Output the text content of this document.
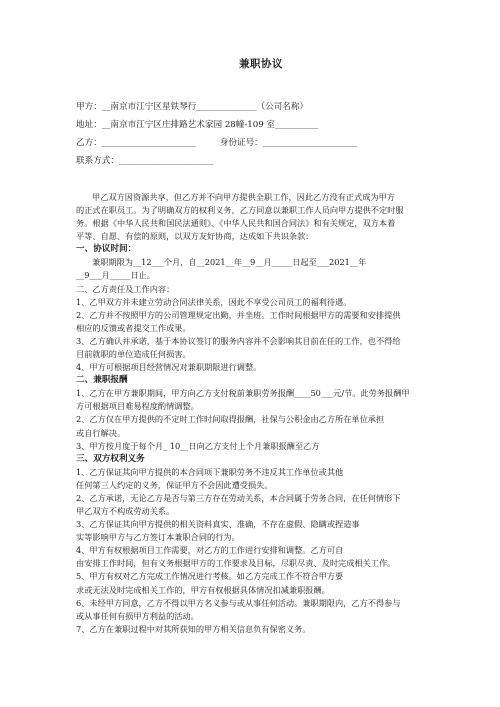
兼职协议
甲方：__南京市江宁区星铁琴行______________（公司名称）
地址：__南京市江宁区庄排路艺术家园 28幢-109 室__________
乙方：______________________	身份证号：______________________
联系方式：______________________

甲乙双方因资源共享，但乙方并不向甲方提供全职工作，因此乙方没有正式成为甲方

的正式在职员工。为了明确双方的权利义务，乙方同意以兼职工作人员向甲方提供不定时服

务。根据《中华人民共和国民法通则》、《中华人民共和国合同法》和有关规定，双方本着

平等、自愿、有偿的原则，以双方友好协商，达成如下共识条款：

一、协议时间：

兼职期限为__12___个月，自__2021__年__9__月_____日起至___2021__年

__9___月_____日止。

二、乙方责任及工作内容：

1、乙甲双方并未建立劳动合同法律关系，因此不享受公司员工的福利待遇。

2、乙方并不按照甲方的公司管理规定出勤，并坐班。工作时间根据甲方的需要和安排提供

相应的反馈或者提交工作成果。

3、乙方确认并承诺，基于本协议签订的服务内容并不会影响其目前在任的工作，也不得给

目前就职的单位造成任何损害。

4、甲方可根据项目经营情况对兼职期限进行调整。

二、兼职报酬

1、乙方在甲方兼职期间，甲方向乙方支付税前兼职劳务报酬____50___元/节。此劳务报酬甲

方可根据项目难易程度酌情调整。

2、乙方仅在甲方提供的不定时工作时间取得报酬，社保与公积金由乙方所在单位承担

或自行解决。

3、甲方按月度于每个月_ 10__日向乙方支付上个月兼职报酬至乙方

三、双方权利义务

1、乙方保证其向甲方提供的本合同项下兼职劳务不违反其工作单位或其他

任何第三人约定的义务，保证甲方不会因此遭受损失。

2、乙方承诺，无论乙方是否与第三方存在劳动关系，本合同属于劳务合同，在任何情形下

甲乙双方不构成劳动关系。

3、乙方保证其向甲方提供的相关资料真实、准确，不存在虚假、隐瞒或捏造事

实等影响甲方与乙方签订本兼职合同的行为。

4、甲方有权根据项目工作需要，对乙方的工作进行安排和调整。乙方可自

由安排工作时间，但有义务根据甲方的工作要求及目标，尽职尽责、及时完成相关工作。

5、甲方有权对乙方完成工作情况进行考核。如乙方完成工作不符合甲方要

求或无法及时完成相关工作的，甲方有权根据具体情况扣减兼职报酬。

6、未经甲方同意，乙方不得以甲方名义参与或从事任何活动。兼职期限内，乙方不得参与

或从事任何有损甲方利益的活动。

7、乙方在兼职过程中对其所获知的甲方相关信息负有保密义务。
